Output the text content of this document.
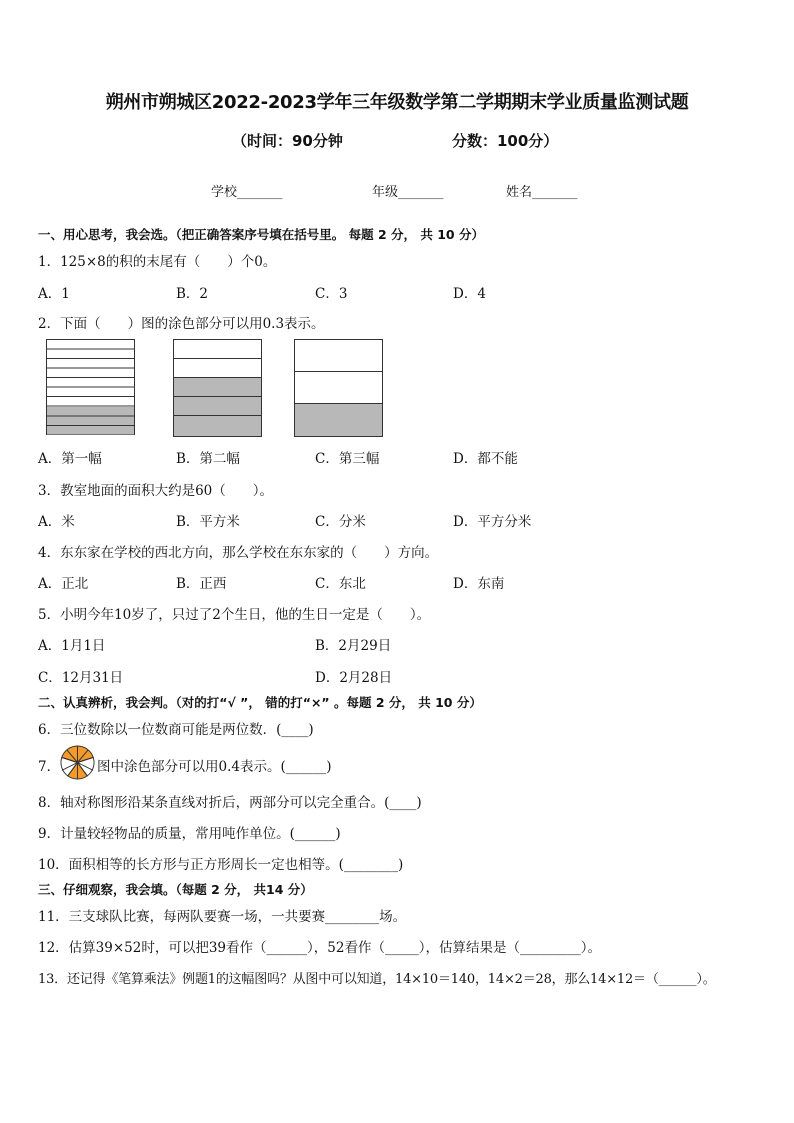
朔州市朔城区2022-2023学年三年级数学第二学期期末学业质量监测试题
（时间：90分钟	分数：100分）
学校_______	年级_______	姓名_______
一、用心思考，我会选。（把正确答案序号填在括号里。 每题 2 分， 共 10 分）
1．125×8的积的末尾有（　　）个0。
A．1	B．2	C．3	D．4
2．下面（　　）图的涂色部分可以用0.3表示。
A．第一幅	B．第二幅	C．第三幅	D．都不能
3．教室地面的面积大约是60（　　）。
A．米	B．平方米	C．分米	D．平方分米
4．东东家在学校的西北方向，那么学校在东东家的（　　）方向。
A．正北	B．正西	C．东北	D．东南
5．小明今年10岁了，只过了2个生日，他的生日一定是（　　）。
A．1月1日	B．2月29日
C．12月31日	D．2月28日
二、认真辨析，我会判。（对的打“√ ”， 错的打“×” 。每题 2 分， 共 10 分）
6．三位数除以一位数商可能是两位数．(____)
7．	图中涂色部分可以用0.4表示。(______)
8．轴对称图形沿某条直线对折后，两部分可以完全重合。(____)
9．计量较轻物品的质量，常用吨作单位。(______)
10．面积相等的长方形与正方形周长一定也相等。(________)
三、仔细观察，我会填。（每题 2 分， 共14 分）
11．三支球队比赛，每两队要赛一场，一共要赛________场。
12．估算39×52时，可以把39看作（______），52看作（_____），估算结果是（_________）。
13．还记得《笔算乘法》例题1的这幅图吗？从图中可以知道，14×10＝140，14×2＝28，那么14×12＝（______）。
